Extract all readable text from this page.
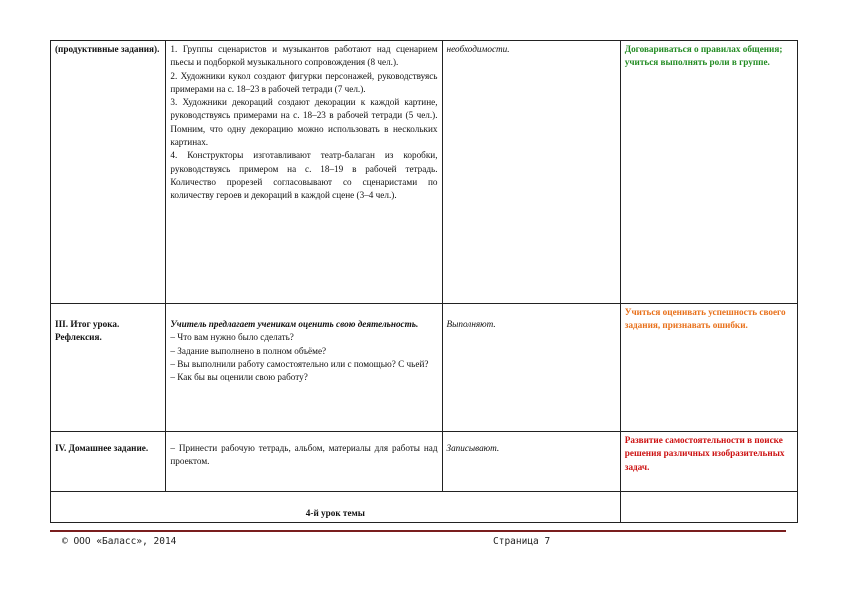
(продуктивные задания).	1. Группы сценаристов и музыкантов работают над сценарием пьесы и подборкой музыкального сопровождения (8 чел.).

2. Художники кукол создают фигурки персонажей, руководствуясь примерами на с. 18–23 в рабочей тетради (7 чел.).

3. Художники декораций создают декорации к каждой картине, руководствуясь примерами на с. 18–23 в рабочей тетради (5 чел.). Помним, что одну декорацию можно использовать в нескольких картинах.

4. Конструкторы изготавливают театр-балаган из коробки, руководствуясь примером на с. 18–19 в рабочей тетрадь. Количество прорезей согласовывают со сценаристами по количеству героев и декораций в каждой сцене (3–4 чел.).	необходимости.	Договариваться о правилах общения; учиться выполнять роли в группе.
III. Итог урока. Рефлексия.	Учитель предлагает ученикам оценить свою деятельность.

– Что вам нужно было сделать?

– Задание выполнено в полном объёме?

– Вы выполнили работу самостоятельно или с помощью? С чьей?

– Как бы вы оценили свою работу?	Выполняют.	Учиться оценивать успешность своего задания, признавать ошибки.
IV. Домашнее задание.	– Принести рабочую тетрадь, альбом, материалы для работы над проектом.	Записывают.	Развитие самостоятельности в поиске решения различных изобразительных задач.
4-й урок темы			
© ООО «Баласс», 2014	Страница 7
